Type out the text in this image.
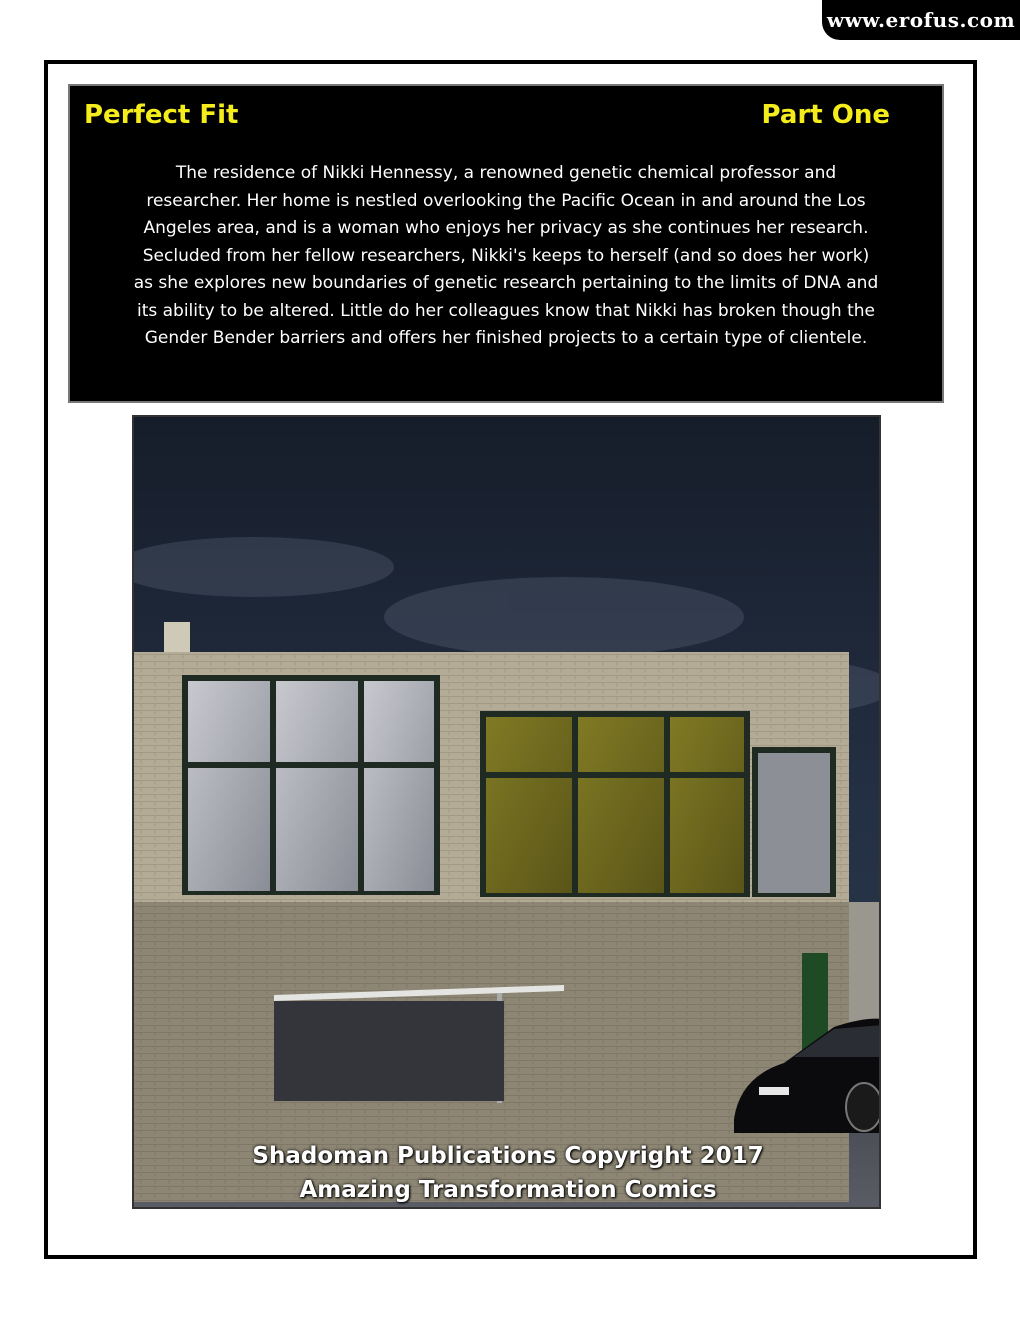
www.erofus.com
Perfect Fit	Part One
The residence of Nikki Hennessy, a renowned genetic chemical professor and
researcher. Her home is nestled overlooking the Pacific Ocean in and around the Los
Angeles area, and is a woman who enjoys her privacy as she continues her research.
Secluded from her fellow researchers, Nikki's keeps to herself (and so does her work)
as she explores new boundaries of genetic research pertaining to the limits of DNA and
its ability to be altered. Little do her colleagues know that Nikki has broken though the
Gender Bender barriers and offers her finished projects to a certain type of clientele.
Shadoman Publications Copyright 2017
Amazing Transformation Comics
